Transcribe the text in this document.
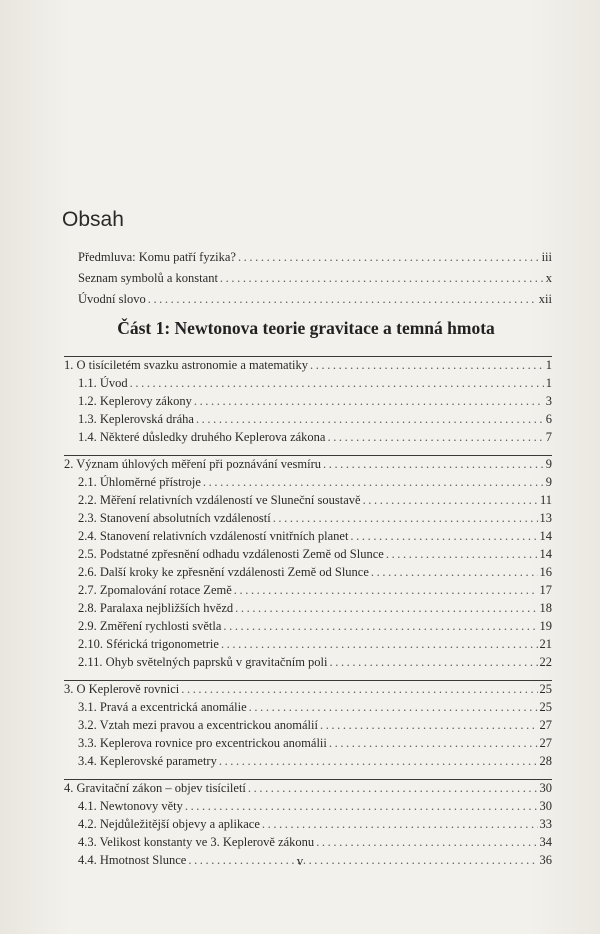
Obsah
Předmluva: Komu patří fyzika? .....	iii
Seznam symbolů a konstant .....	x
Úvodní slovo .....	xii
Část 1: Newtonova teorie gravitace a temná hmota
1. O tisíciletém svazku astronomie a matematiky .....	1
1.1. Úvod .....	1
1.2. Keplerovy zákony .....	3
1.3. Keplerovská dráha .....	6
1.4. Některé důsledky druhého Keplerova zákona .....	7
2. Význam úhlových měření při poznávání vesmíru .....	9
2.1. Úhloměrné přístroje .....	9
2.2. Měření relativních vzdáleností ve Sluneční soustavě .....	11
2.3. Stanovení absolutních vzdáleností .....	13
2.4. Stanovení relativních vzdáleností vnitřních planet .....	14
2.5. Podstatné zpřesnění odhadu vzdálenosti Země od Slunce .....	14
2.6. Další kroky ke zpřesnění vzdálenosti Země od Slunce .....	16
2.7. Zpomalování rotace Země .....	17
2.8. Paralaxa nejbližších hvězd .....	18
2.9. Změření rychlosti světla .....	19
2.10. Sférická trigonometrie .....	21
2.11. Ohyb světelných paprsků v gravitačním poli .....	22
3. O Keplerově rovnici .....	25
3.1. Pravá a excentrická anomálie .....	25
3.2. Vztah mezi pravou a excentrickou anomálií .....	27
3.3. Keplerova rovnice pro excentrickou anomálii .....	27
3.4. Keplerovské parametry .....	28
4. Gravitační zákon – objev tisíciletí .....	30
4.1. Newtonovy věty .....	30
4.2. Nejdůležitější objevy a aplikace .....	33
4.3. Velikost konstanty ve 3. Keplerově zákonu .....	34
4.4. Hmotnost Slunce .....	36
v
